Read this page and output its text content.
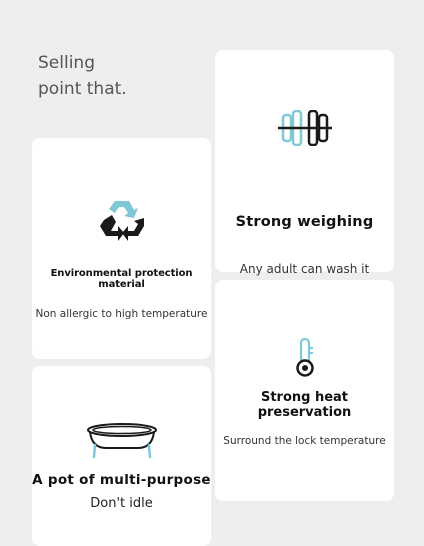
Selling
point that.
Strong weighing
Any adult can wash it
Environmental protection material
Non allergic to high temperature
Strong heat preservation
Surround the lock temperature
A pot of multi-purpose
Don't idle
